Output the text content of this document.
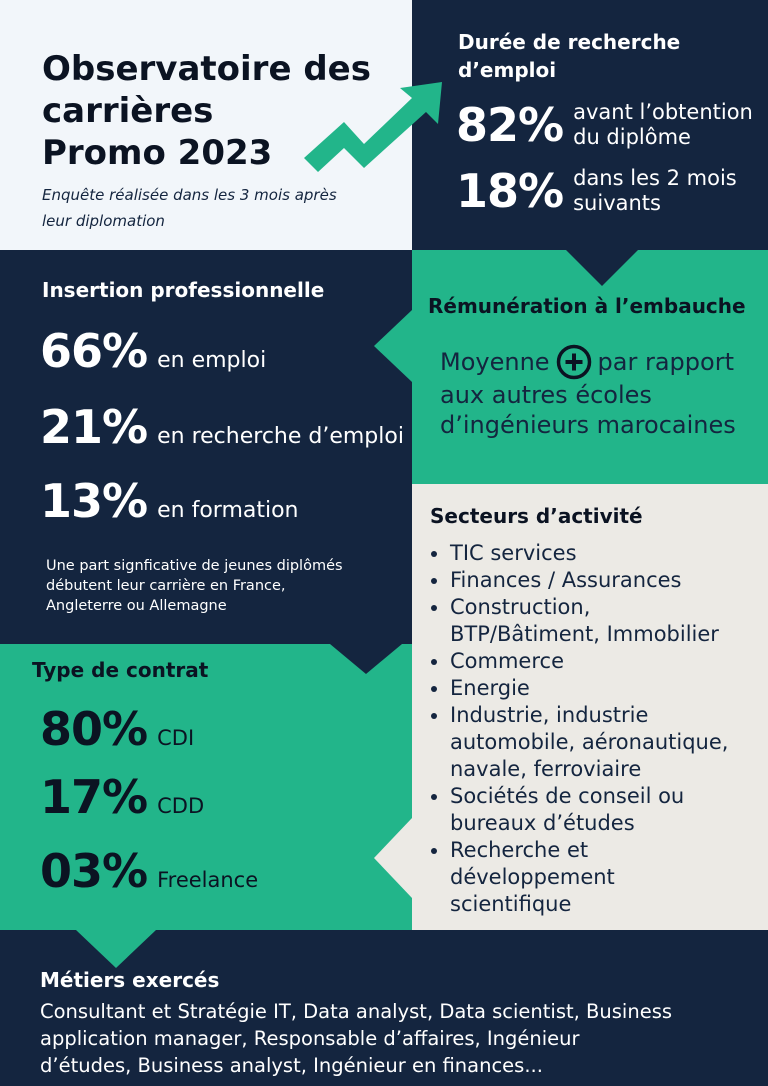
Observatoire des
carrières
Promo 2023
Enquête réalisée dans les 3 mois après
leur diplomation
Durée de recherche
d’emploi
82% avant l’obtention
du diplôme
18% dans les 2 mois
suivants
Insertion professionnelle
66% en emploi
21% en recherche d’emploi
13% en formation
Une part signficative de jeunes diplômés
débutent leur carrière en France,
Angleterre ou Allemagne
Rémunération à l’embauche
Moyenne par rapport
aux autres écoles
d’ingénieurs marocaines
Secteurs d’activité
• TIC services
• Finances / Assurances
• Construction,
BTP/Bâtiment, Immobilier
• Commerce
• Energie
• Industrie, industrie
automobile, aéronautique,
navale, ferroviaire
• Sociétés de conseil ou
bureaux d’études
• Recherche et
développement
scientifique
Type de contrat
80% CDI
17% CDD
03% Freelance
Métiers exercés
Consultant et Stratégie IT, Data analyst, Data scientist, Business
application manager, Responsable d’affaires, Ingénieur
d’études, Business analyst, Ingénieur en finances...
